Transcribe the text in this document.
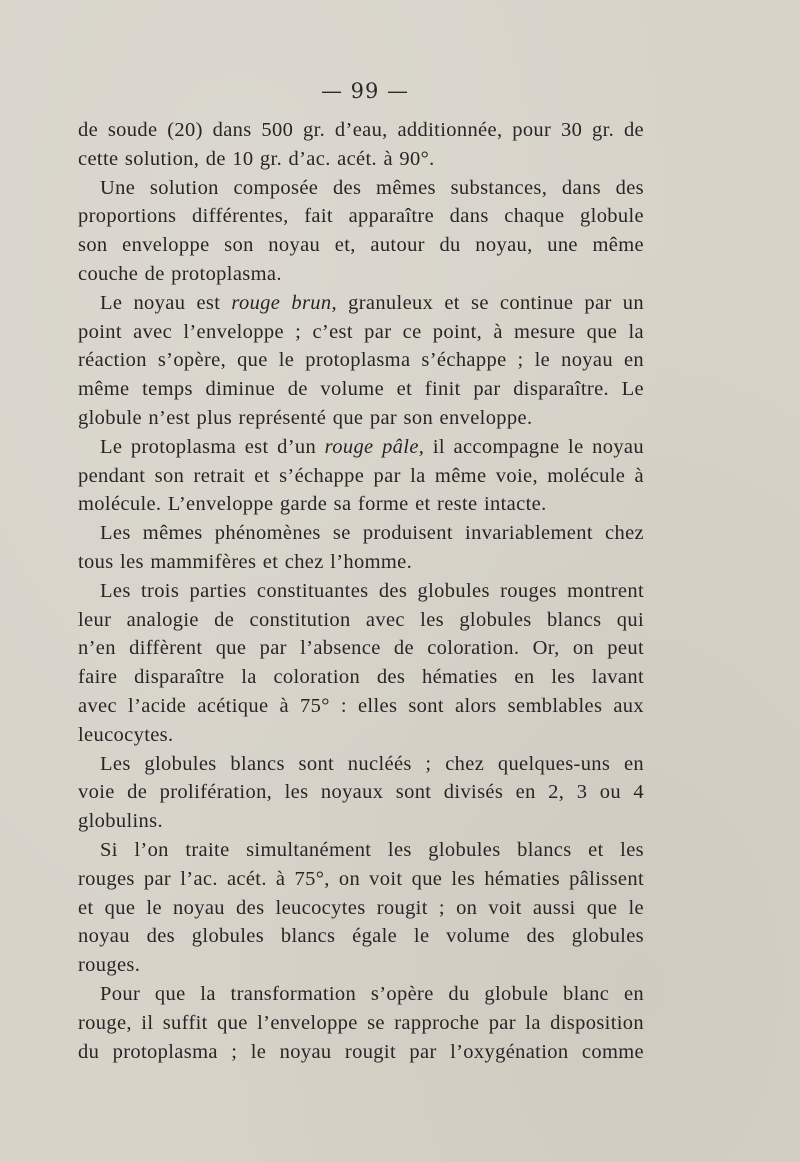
— 99 —
de soude (20) dans 500 gr. d’eau, additionnée, pour 30 gr. de
cette solution, de 10 gr. d’ac. acét. à 90°.
Une solution composée des mêmes substances, dans des
proportions différentes, fait apparaître dans chaque globule
son enveloppe son noyau et, autour du noyau, une même
couche de protoplasma.
Le noyau est rouge brun, granuleux et se continue par un
point avec l’enveloppe ; c’est par ce point, à mesure que la
réaction s’opère, que le protoplasma s’échappe ; le noyau en
même temps diminue de volume et finit par disparaître. Le
globule n’est plus représenté que par son enveloppe.
Le protoplasma est d’un rouge pâle, il accompagne le noyau
pendant son retrait et s’échappe par la même voie, molécule à
molécule. L’enveloppe garde sa forme et reste intacte.
Les mêmes phénomènes se produisent invariablement chez
tous les mammifères et chez l’homme.
Les trois parties constituantes des globules rouges montrent
leur analogie de constitution avec les globules blancs qui
n’en diffèrent que par l’absence de coloration. Or, on peut
faire disparaître la coloration des hématies en les lavant
avec l’acide acétique à 75° : elles sont alors semblables aux
leucocytes.
Les globules blancs sont nucléés ; chez quelques-uns en
voie de prolifération, les noyaux sont divisés en 2, 3 ou 4
globulins.
Si l’on traite simultanément les globules blancs et les
rouges par l’ac. acét. à 75°, on voit que les hématies pâlissent
et que le noyau des leucocytes rougit ; on voit aussi que le
noyau des globules blancs égale le volume des globules
rouges.
Pour que la transformation s’opère du globule blanc en
rouge, il suffit que l’enveloppe se rapproche par la disposition
du protoplasma ; le noyau rougit par l’oxygénation comme
